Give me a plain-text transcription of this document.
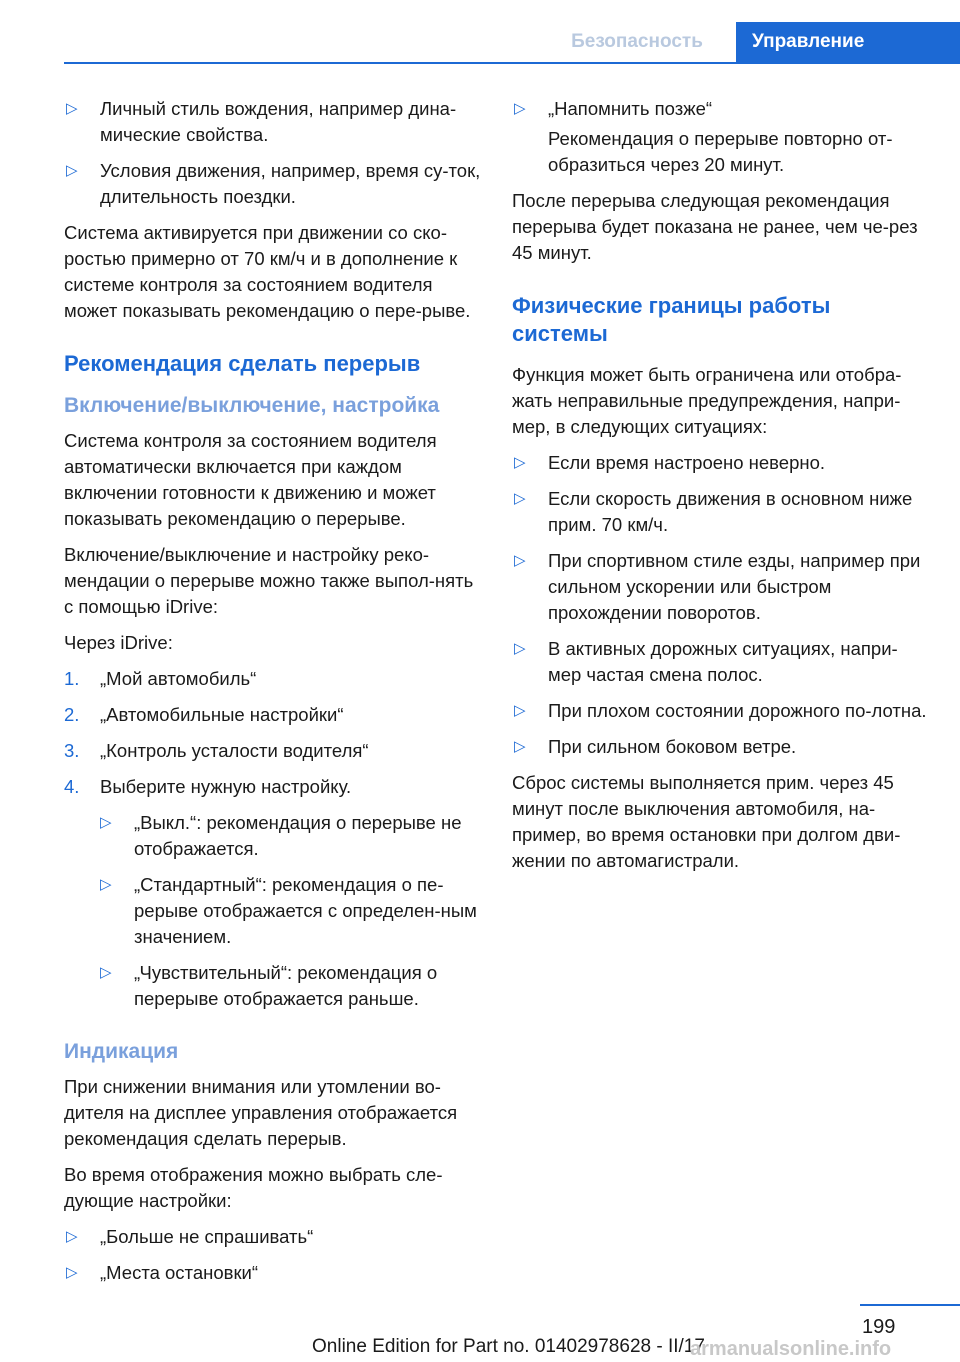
Безопасность	Управление
▷ Личный стиль вождения, например дина-мические свойства.
▷ Условия движения, например, время су-ток, длительность поездки.
Система активируется при движении со ско-ростью примерно от 70 км/ч и в дополнение к системе контроля за состоянием водителя может показывать рекомендацию о пере-рыве.
Рекомендация сделать перерыв
Включение/выключение, настройка
Система контроля за состоянием водителя автоматически включается при каждом включении готовности к движению и может показывать рекомендацию о перерыве.
Включение/выключение и настройку реко-мендации о перерыве можно также выпол-нять с помощью iDrive:
Через iDrive:
1. „Мой автомобиль“
2. „Автомобильные настройки“
3. „Контроль усталости водителя“
4. Выберите нужную настройку.
▷ „Выкл.“: рекомендация о перерыве не отображается.
▷ „Стандартный“: рекомендация о пе-рерыве отображается с определен-ным значением.
▷ „Чувствительный“: рекомендация о перерыве отображается раньше.
Индикация
При снижении внимания или утомлении во-дителя на дисплее управления отображается рекомендация сделать перерыв.
Во время отображения можно выбрать сле-дующие настройки:
▷ „Больше не спрашивать“
▷ „Места остановки“
▷ „Напомнить позже“
Рекомендация о перерыве повторно от-образиться через 20 минут.
После перерыва следующая рекомендация перерыва будет показана не ранее, чем че-рез 45 минут.
Физические границы работы системы
Функция может быть ограничена или отобра-жать неправильные предупреждения, напри-мер, в следующих ситуациях:
▷ Если время настроено неверно.
▷ Если скорость движения в основном ниже прим. 70 км/ч.
▷ При спортивном стиле езды, например при сильном ускорении или быстром прохождении поворотов.
▷ В активных дорожных ситуациях, напри-мер частая смена полос.
▷ При плохом состоянии дорожного по-лотна.
▷ При сильном боковом ветре.
Сброс системы выполняется прим. через 45 минут после выключения автомобиля, на-пример, во время остановки при долгом дви-жении по автомагистрали.
199
Online Edition for Part no. 01402978628 - II/17
armanualsonline.info
